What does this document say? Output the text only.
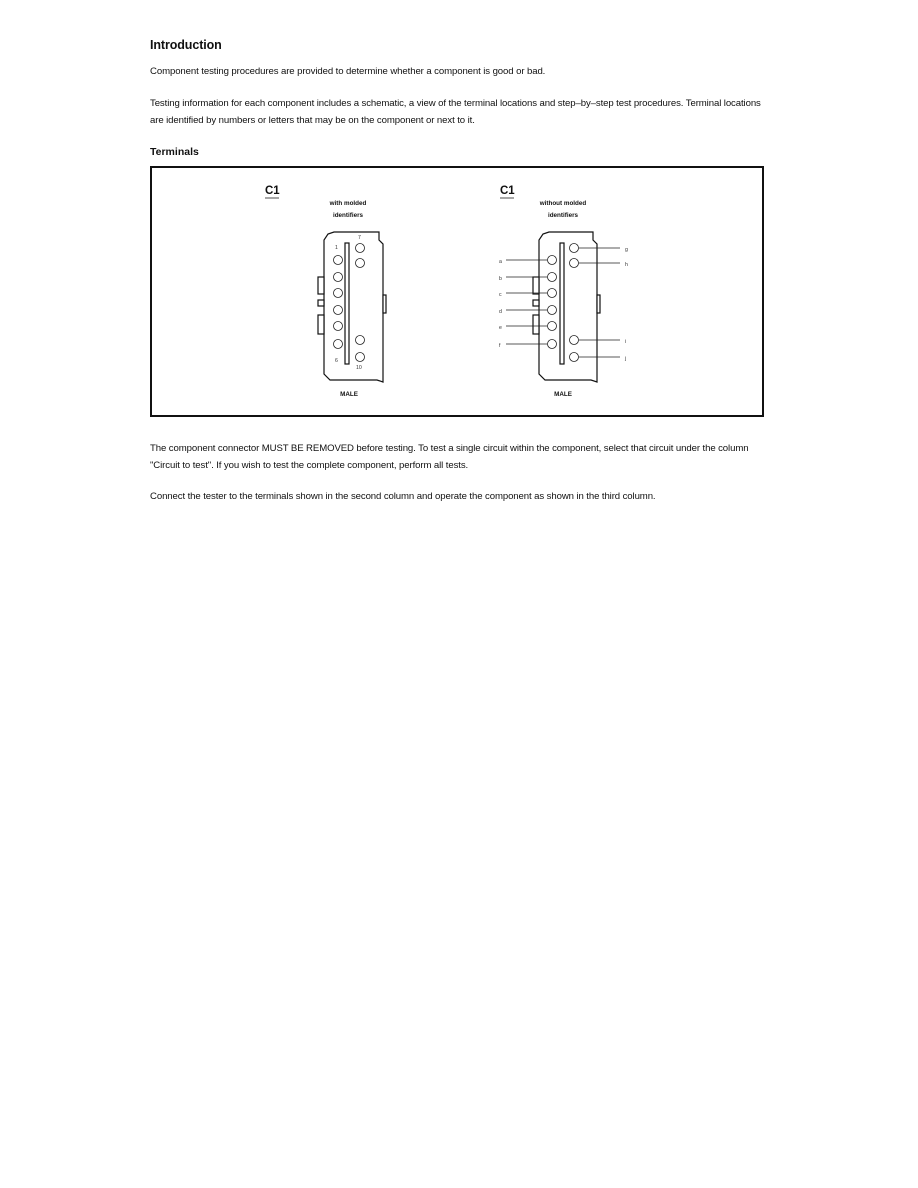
Introduction

Component testing procedures are provided to determine whether a component is good or bad.

Testing information for each component includes a schematic, a view of the terminal locations and step–by–step test procedures. Terminal locations are identified by numbers or letters that may be on the component or next to it.

Terminals
C1
with molded
identifiers
1
7
6
10
MALE
C1
without molded
identifiers
a
b
c
d
e
f
g
h
i
j
MALE

The component connector MUST BE REMOVED before testing. To test a single circuit within the component, select that circuit under the column "Circuit to test". If you wish to test the complete component, perform all tests.

Connect the tester to the terminals shown in the second column and operate the component as shown in the third column.
